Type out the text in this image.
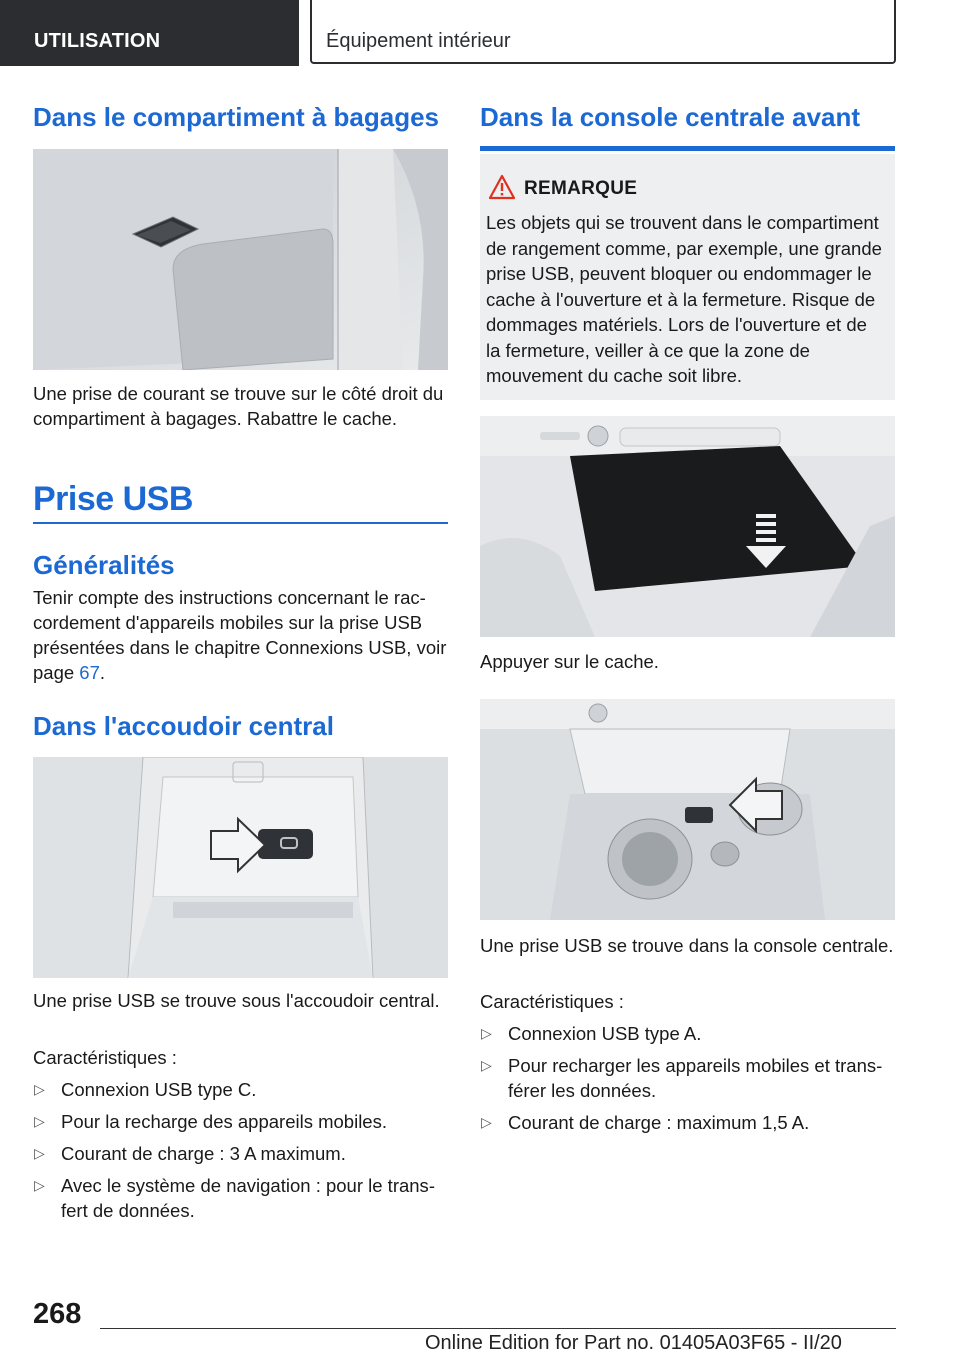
UTILISATION	Équipement intérieur
Dans le compartiment à bagages

Une prise de courant se trouve sur le côté droit du compartiment à bagages. Rabattre le cache.

Prise USB
Généralités

Tenir compte des instructions concernant le raccordement d'appareils mobiles sur la prise USB présentées dans le chapitre Connexions USB, voir page 67.

Dans l'accoudoir central

Une prise USB se trouve sous l'accoudoir central.

Caractéristiques :

▷ Connexion USB type C.
▷ Pour la recharge des appareils mobiles.
▷ Courant de charge : 3 A maximum.
▷ Avec le système de navigation : pour le transfert de données.
Dans la console centrale avant
REMARQUE
Les objets qui se trouvent dans le compartiment de rangement comme, par exemple, une grande prise USB, peuvent bloquer ou endommager le cache à l'ouverture et à la fermeture. Risque de dommages matériels. Lors de l'ouverture et de la fermeture, veiller à ce que la zone de mouvement du cache soit libre.

Appuyer sur le cache.

Une prise USB se trouve dans la console centrale.

Caractéristiques :

▷ Connexion USB type A.
▷ Pour recharger les appareils mobiles et transférer les données.
▷ Courant de charge : maximum 1,5 A.
268
Online Edition for Part no. 01405A03F65 - II/20
